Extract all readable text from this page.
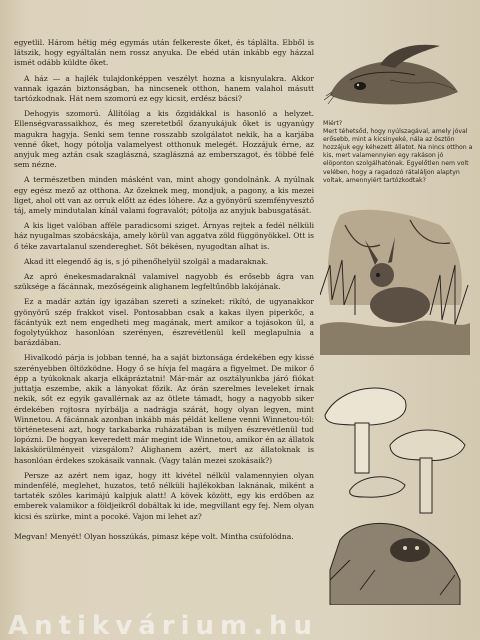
egyetlil. Három hétig még egymás után felkereste őket, és táplálta. Ebből is látszik, hogy egyáltalán nem rossz anyuka. De ebéd után inkább egy házzal ismét odább küldte őket.

A ház — a hajlék tulajdonképpen veszélyt hozna a kisnyulakra. Akkor vannak igazán biztonságban, ha nincsenek otthon, hanem valahol másutt tartózkodnak. Hát nem szomorú ez egy kicsit, erdész bácsi?

Dehogyis szomorú. Állítólag a kis őzgidákkal is hasonló a helyzet. Ellenségvarassaikhoz, és meg szeretetből őzanyukájuk őket is ugyanúgy magukra hagyja. Senki sem tenne rosszabb szolgálatot nekik, ha a karjába venné őket, hogy pótolja valamelyest otthonuk melegét. Hozzájuk érne, az anyjuk meg aztán csak szaglászná, szaglászná az emberszagot, és többé felé sem nézne.

A természetben minden másként van, mint ahogy gondolnánk. A nyúlnak egy egész mező az otthona. Az őzeknek meg, mondjuk, a pagony, a kis mezei liget, ahol ott van az orruk előtt az édes lóhere. Az a gyönyörű szemfényvesztő táj, amely mindutalan kínál valami fogravalót; pótolja az anyjuk babusgatását.

A kis liget valóban afféle paradicsomi sziget. Árnyas rejtek a fedél nélküli ház nyugalmas szobácskája, amely körül van aggatva zöld függönyökkel. Ott is ő téke zavartalanul szendereghet. Sőt békésen, nyugodtan alhat is.

Akad itt elegendő ág is, s jó pihenőhelyül szolgál a madaraknak.

Az apró énekesmadaraknál valamivel nagyobb és erősebb ágra van szüksége a fácánnak, mezőségeink alighanem legfeltűnőbb lakójának.

Ez a madár aztán így igazában szereti a színeket: rikító, de ugyanakkor gyönyörű szép frakkot visel. Pontosabban csak a kakas ilyen piperkőc, a fácántyúk ezt nem engedheti meg magának, mert amikor a tojásokon ül, a fogolytyúkhoz hasonlóan szerényen, észrevétlenül kell meglapulnia a barázdában.

Hivalkodó párja is jobban tenné, ha a saját biztonsága érdekében egy kissé szerényebben öltözködne. Hogy ő se hívja fel magára a figyelmet. De mikor ő épp a tyúkoknak akarja elkápráztatni! Már-már az osztályunkba járó fiókat juttatja eszembe, akik a lányokat főzik. Az órán szerelmes leveleket írnak nekik, sőt ez egyik gavallérnak az az ötlete támadt, hogy a nagyobb siker érdekében rojtosra nyírbálja a nadrágja szárát, hogy olyan legyen, mint Winnetou. A fácánnak azonban inkább más példát kellene venni Winnetou-tól: történeteseni azt, hogy tarkabarka ruházatában is milyen észrevétlenül tud lopózni. De hogyan keveredett már megint ide Winnetou, amikor én az állatok lakáskörülményeit vizsgálom? Alighanem azért, mert az állatoknak is hasonlóan érdekes szokásaik vannak. (Vagy talán mezei szokásaik?)

Persze az azért nem igaz, hogy itt kivétel nélkül valamennyien olyan mindenfélé, meglehet, huzatos, tető nélküli hajlékokban laknának, miként a tartaték szöles karimájú kalpjuk alatt! A kövek között, egy kis erdőben az emberek valamikor a földjeikről dobáltak ki ide, megvillant egy fej. Nem olyan kicsi és szürke, mint a pocoké. Vajon mi lehet az?

Megvan! Menyét! Olyan hosszúkás, pimasz képe volt. Mintha csúfolódna.

Miért?
Mert téhetsőd, hogy nyúlszagával, amely jóval erősebb, mint a kicsinyeké, nála az ösztön hozzájuk egy kéhezett állatot. Na nincs otthon a kis, mert valamennyien egy rakáson jó elöponton szolgálhatónak. Egyelőtlen nem volt velében, hogy a ragadozó rátaláljon alaptyn voltak, amennyiért tartózkodtak?
Antikvárium.hu
